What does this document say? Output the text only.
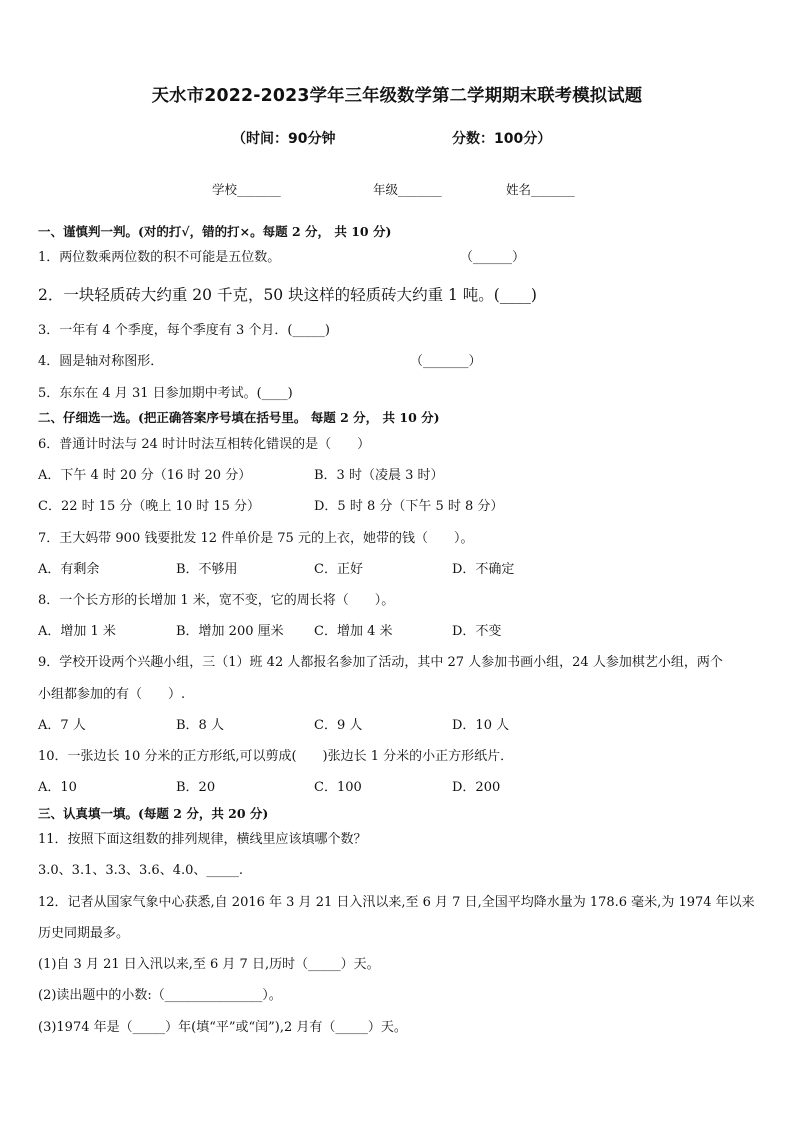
天水市2022-2023学年三年级数学第二学期期末联考模拟试题
（时间：90分钟	分数：100分）
学校_______	年级_______	姓名_______
一、谨慎判一判。(对的打√，错的打×。每题 2 分， 共 10 分)
1．两位数乘两位数的积不可能是五位数。	（______）
2．一块轻质砖大约重 20 千克，50 块这样的轻质砖大约重 1 吨。(____)
3．一年有 4 个季度，每个季度有 3 个月．(_____)
4．圆是轴对称图形．	（_______）
5．东东在 4 月 31 日参加期中考试。(____)
二、仔细选一选。(把正确答案序号填在括号里。 每题 2 分， 共 10 分)
6．普通计时法与 24 时计时法互相转化错误的是（　　）
A．下午 4 时 20 分（16 时 20 分）	B．3 时（凌晨 3 时）
C．22 时 15 分（晚上 10 时 15 分）	D．5 时 8 分（下午 5 时 8 分）
7．王大妈带 900 钱要批发 12 件单价是 75 元的上衣，她带的钱（　　）。
A．有剩余	B．不够用	C．正好	D．不确定
8．一个长方形的长增加 1 米，宽不变，它的周长将（　　）。
A．增加 1 米	B．增加 200 厘米 C．增加 4 米	D．不变
9．学校开设两个兴趣小组，三（1）班 42 人都报名参加了活动，其中 27 人参加书画小组，24 人参加棋艺小组，两个
小组都参加的有（　　）.
A．7 人	B．8 人	C．9 人	D．10 人
10．一张边长 10 分米的正方形纸,可以剪成(　　)张边长 1 分米的小正方形纸片．
A．10	B．20	C．100	D．200
三、认真填一填。(每题 2 分，共 20 分)
11．按照下面这组数的排列规律，横线里应该填哪个数？
3.0、3.1、3.3、3.6、4.0、_____.
12．记者从国家气象中心获悉,自 2016 年 3 月 21 日入汛以来,至 6 月 7 日,全国平均降水量为 178.6 毫米,为 1974 年以来
历史同期最多。
(1)自 3 月 21 日入汛以来,至 6 月 7 日,历时（_____）天。
(2)读出题中的小数:（_______________）。
(3)1974 年是（_____）年(填“平”或“闰”),2 月有（_____）天。
